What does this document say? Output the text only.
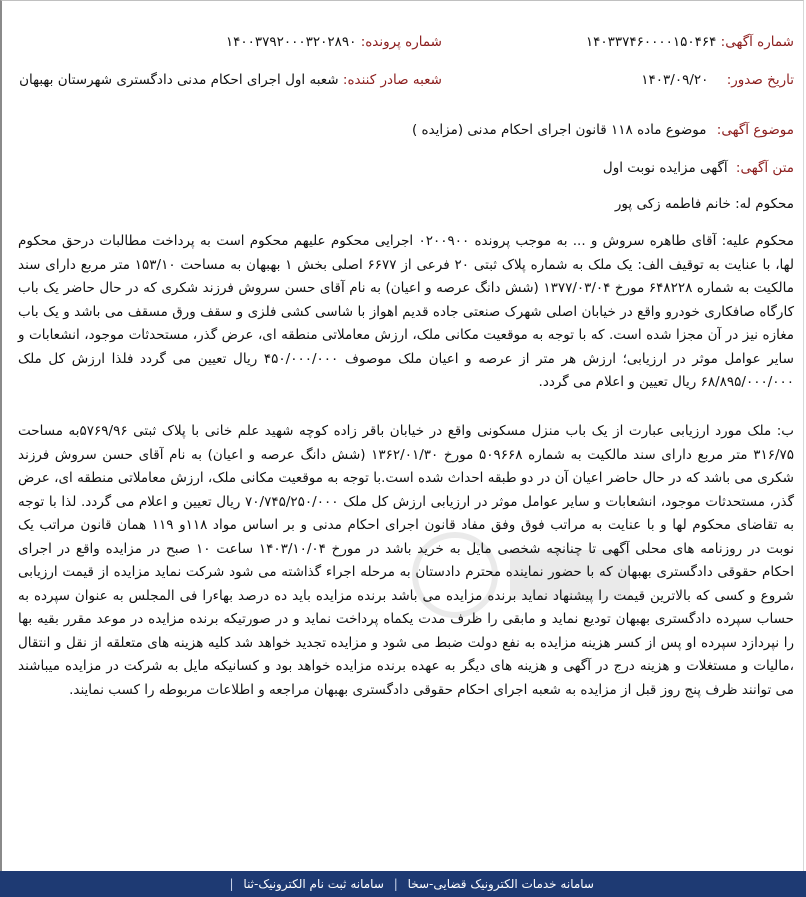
شماره آگهی: ۱۴۰۳۳۷۴۶۰۰۰۰۱۵۰۴۶۴
شماره پرونده: ۱۴۰۰۳۷۹۲۰۰۰۳۲۰۲۸۹۰
تاریخ صدور: ۱۴۰۳/۰۹/۲۰
شعبه صادر کننده: شعبه اول اجرای احکام مدنی دادگستری شهرستان بهبهان
موضوع آگهی: موضوع ماده ۱۱۸ قانون اجرای احکام مدنی (مزایده )
متن آگهی: آگهی مزایده نوبت اول
محکوم له: خانم فاطمه زکی پور
محکوم علیه: آقای طاهره سروش و ... به موجب پرونده ۰۲۰۰۹۰۰ اجرایی محکوم علیهم محکوم است به پرداخت مطالبات درحق محکوم لها، با عنایت به توقیف الف: یک ملک به شماره پلاک ثبتی ۲۰ فرعی از ۶۶۷۷ اصلی بخش ۱ بهبهان به مساحت ۱۵۳/۱۰ متر مربع دارای سند مالکیت به شماره ۶۴۸۲۲۸ مورخ ۱۳۷۷/۰۳/۰۴ (شش دانگ عرصه و اعیان) به نام آقای حسن سروش فرزند شکری که در حال حاضر یک باب کارگاه صافکاری خودرو واقع در خیابان اصلی شهرک صنعتی جاده قدیم اهواز با شاسی کشی فلزی و سقف ورق مسقف می باشد و یک باب مغازه نیز در آن مجزا شده است. که با توجه به موقعیت مکانی ملک، ارزش معاملاتی منطقه ای، عرض گذر، مستحدثات موجود، انشعابات و سایر عوامل موثر در ارزیابی؛ ارزش هر متر از عرصه و اعیان ملک موصوف ۴۵۰/۰۰۰/۰۰۰ ریال تعیین می گردد فلذا ارزش کل ملک ۶۸/۸۹۵/۰۰۰/۰۰۰ ریال تعیین و اعلام می گردد.
ب: ملک مورد ارزیابی عبارت از یک باب منزل مسکونی واقع در خیابان باقر زاده کوچه شهید علم خانی با پلاک ثبتی ۵۷۶۹/۹۶به مساحت ۳۱۶/۷۵ متر مربع دارای سند مالکیت به شماره ۵۰۹۶۶۸ مورخ ۱۳۶۲/۰۱/۳۰ (شش دانگ عرصه و اعیان) به نام آقای حسن سروش فرزند شکری می باشد که در حال حاضر اعیان آن در دو طبقه احداث شده است.با توجه به موقعیت مکانی ملک، ارزش معاملاتی منطقه ای، عرض گذر، مستحدثات موجود، انشعابات و سایر عوامل موثر در ارزیابی ارزش کل ملک ۷۰/۷۴۵/۲۵۰/۰۰۰ ریال تعیین و اعلام می گردد. لذا با توجه به تقاضای محکوم لها و با عنایت به مراتب فوق وفق مفاد قانون اجرای احکام مدنی و بر اساس مواد ۱۱۸و ۱۱۹ همان قانون مراتب یک نوبت در روزنامه های محلی آگهی تا چنانچه شخصی مایل به خرید باشد در مورخ ۱۴۰۳/۱۰/۰۴ ساعت ۱۰ صبح در مزایده واقع در اجرای احکام حقوقی دادگستری بهبهان که با حضور نماینده محترم دادستان به مرحله اجراء گذاشته می شود شرکت نماید مزایده از قیمت ارزیابی شروع و کسی که بالاترین قیمت را پیشنهاد نماید برنده مزایده می باشد برنده مزایده باید ده درصد بهاءرا فی المجلس به عنوان سپرده به حساب سپرده دادگستری بهبهان تودیع نماید و مابقی را ظرف مدت یکماه پرداخت نماید و در صورتیکه برنده مزایده در موعد مقرر بقیه بها را نپردازد سپرده او پس از کسر هزینه مزایده به نفع دولت ضبط می شود و مزایده تجدید خواهد شد کلیه هزینه های متعلقه از نقل و انتقال ،مالیات و مستغلات و هزینه درج در آگهی و هزینه های دیگر به عهده برنده مزایده خواهد بود و کسانیکه مایل به شرکت در مزایده میباشند می توانند ظرف پنج روز قبل از مزایده به شعبه اجرای احکام حقوقی دادگستری بهبهان مراجعه و اطلاعات مربوطه را کسب نمایند.
سامانه خدمات الکترونیک قضایی-سخا | سامانه ثبت نام الکترونیک-ثنا |
